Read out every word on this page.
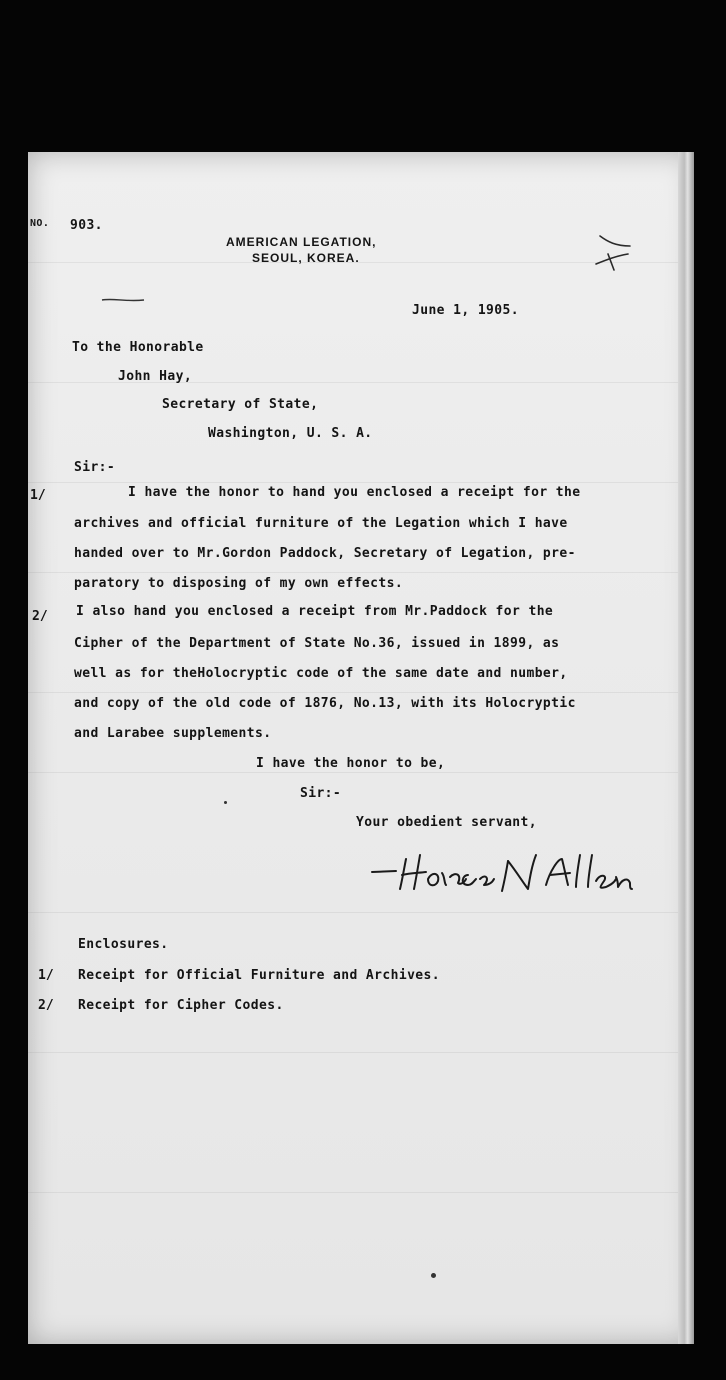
NO. 903.
AMERICAN LEGATION,
SEOUL, KOREA.
June 1, 1905.
To the Honorable
John Hay,
Secretary of State,
Washington, U. S. A.
Sir:-
1/
2/
I have the honor to hand you enclosed a receipt for the
archives and official furniture of the Legation which I have
handed over to Mr.Gordon Paddock, Secretary of Legation, pre-
paratory to disposing of my own effects.
I also hand you enclosed a receipt from Mr.Paddock for the
Cipher of the Department of State No.36, issued in 1899, as
well as for theHolocryptic code of the same date and number,
and copy of the old code of 1876, No.13, with its Holocryptic
and Larabee supplements.
I have the honor to be,
Sir:-
Your obedient servant,
Enclosures.
1/ Receipt for Official Furniture and Archives.
2/ Receipt for Cipher Codes.
